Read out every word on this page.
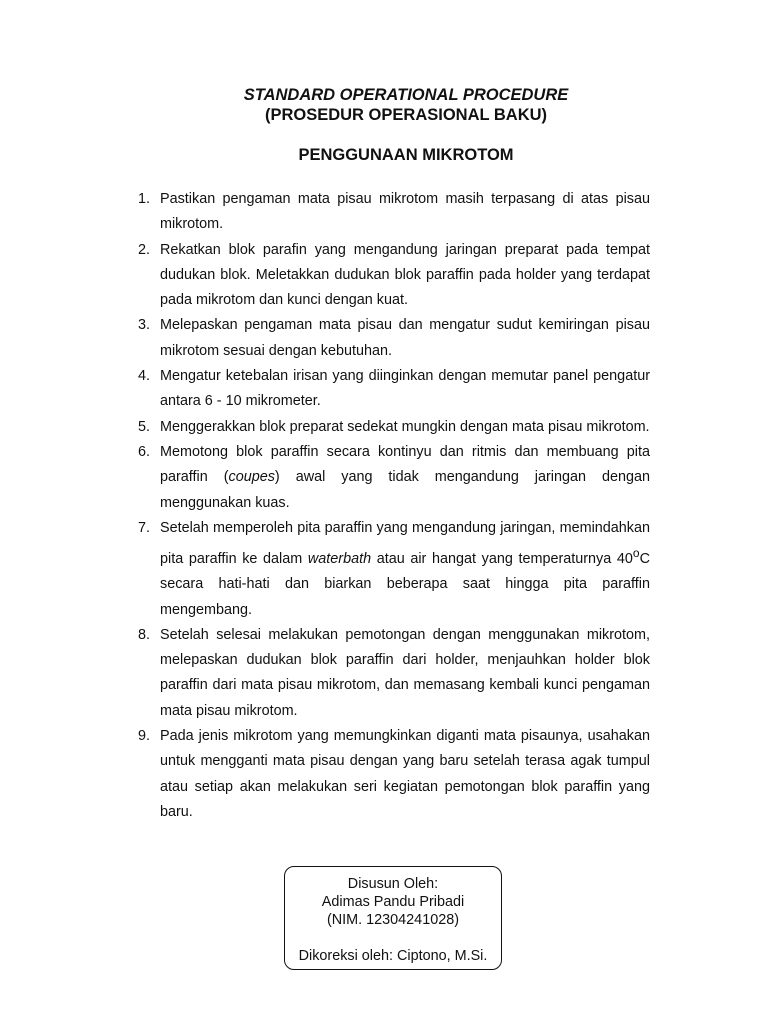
STANDARD OPERATIONAL PROCEDURE
(PROSEDUR OPERASIONAL BAKU)
PENGGUNAAN MIKROTOM
1. Pastikan pengaman mata pisau mikrotom masih terpasang di atas pisau mikrotom.
2. Rekatkan blok parafin yang mengandung jaringan preparat pada tempat dudukan blok. Meletakkan dudukan blok paraffin pada holder yang terdapat pada mikrotom dan kunci dengan kuat.
3. Melepaskan pengaman mata pisau dan mengatur sudut kemiringan pisau mikrotom sesuai dengan kebutuhan.
4. Mengatur ketebalan irisan yang diinginkan dengan memutar panel pengatur antara 6 - 10 mikrometer.
5. Menggerakkan blok preparat sedekat mungkin dengan mata pisau mikrotom.
6. Memotong blok paraffin secara kontinyu dan ritmis dan membuang pita paraffin (coupes) awal yang tidak mengandung jaringan dengan menggunakan kuas.
7. Setelah memperoleh pita paraffin yang mengandung jaringan, memindahkan pita paraffin ke dalam waterbath atau air hangat yang temperaturnya 40$^o$C secara hati-hati dan biarkan beberapa saat hingga pita paraffin mengembang.
8. Setelah selesai melakukan pemotongan dengan menggunakan mikrotom, melepaskan dudukan blok paraffin dari holder, menjauhkan holder blok paraffin dari mata pisau mikrotom, dan memasang kembali kunci pengaman mata pisau mikrotom.
9. Pada jenis mikrotom yang memungkinkan diganti mata pisaunya, usahakan untuk mengganti mata pisau dengan yang baru setelah terasa agak tumpul atau setiap akan melakukan seri kegiatan pemotongan blok paraffin yang baru.
Disusun Oleh:
Adimas Pandu Pribadi
(NIM. 12304241028)
Dikoreksi oleh: Ciptono, M.Si.
